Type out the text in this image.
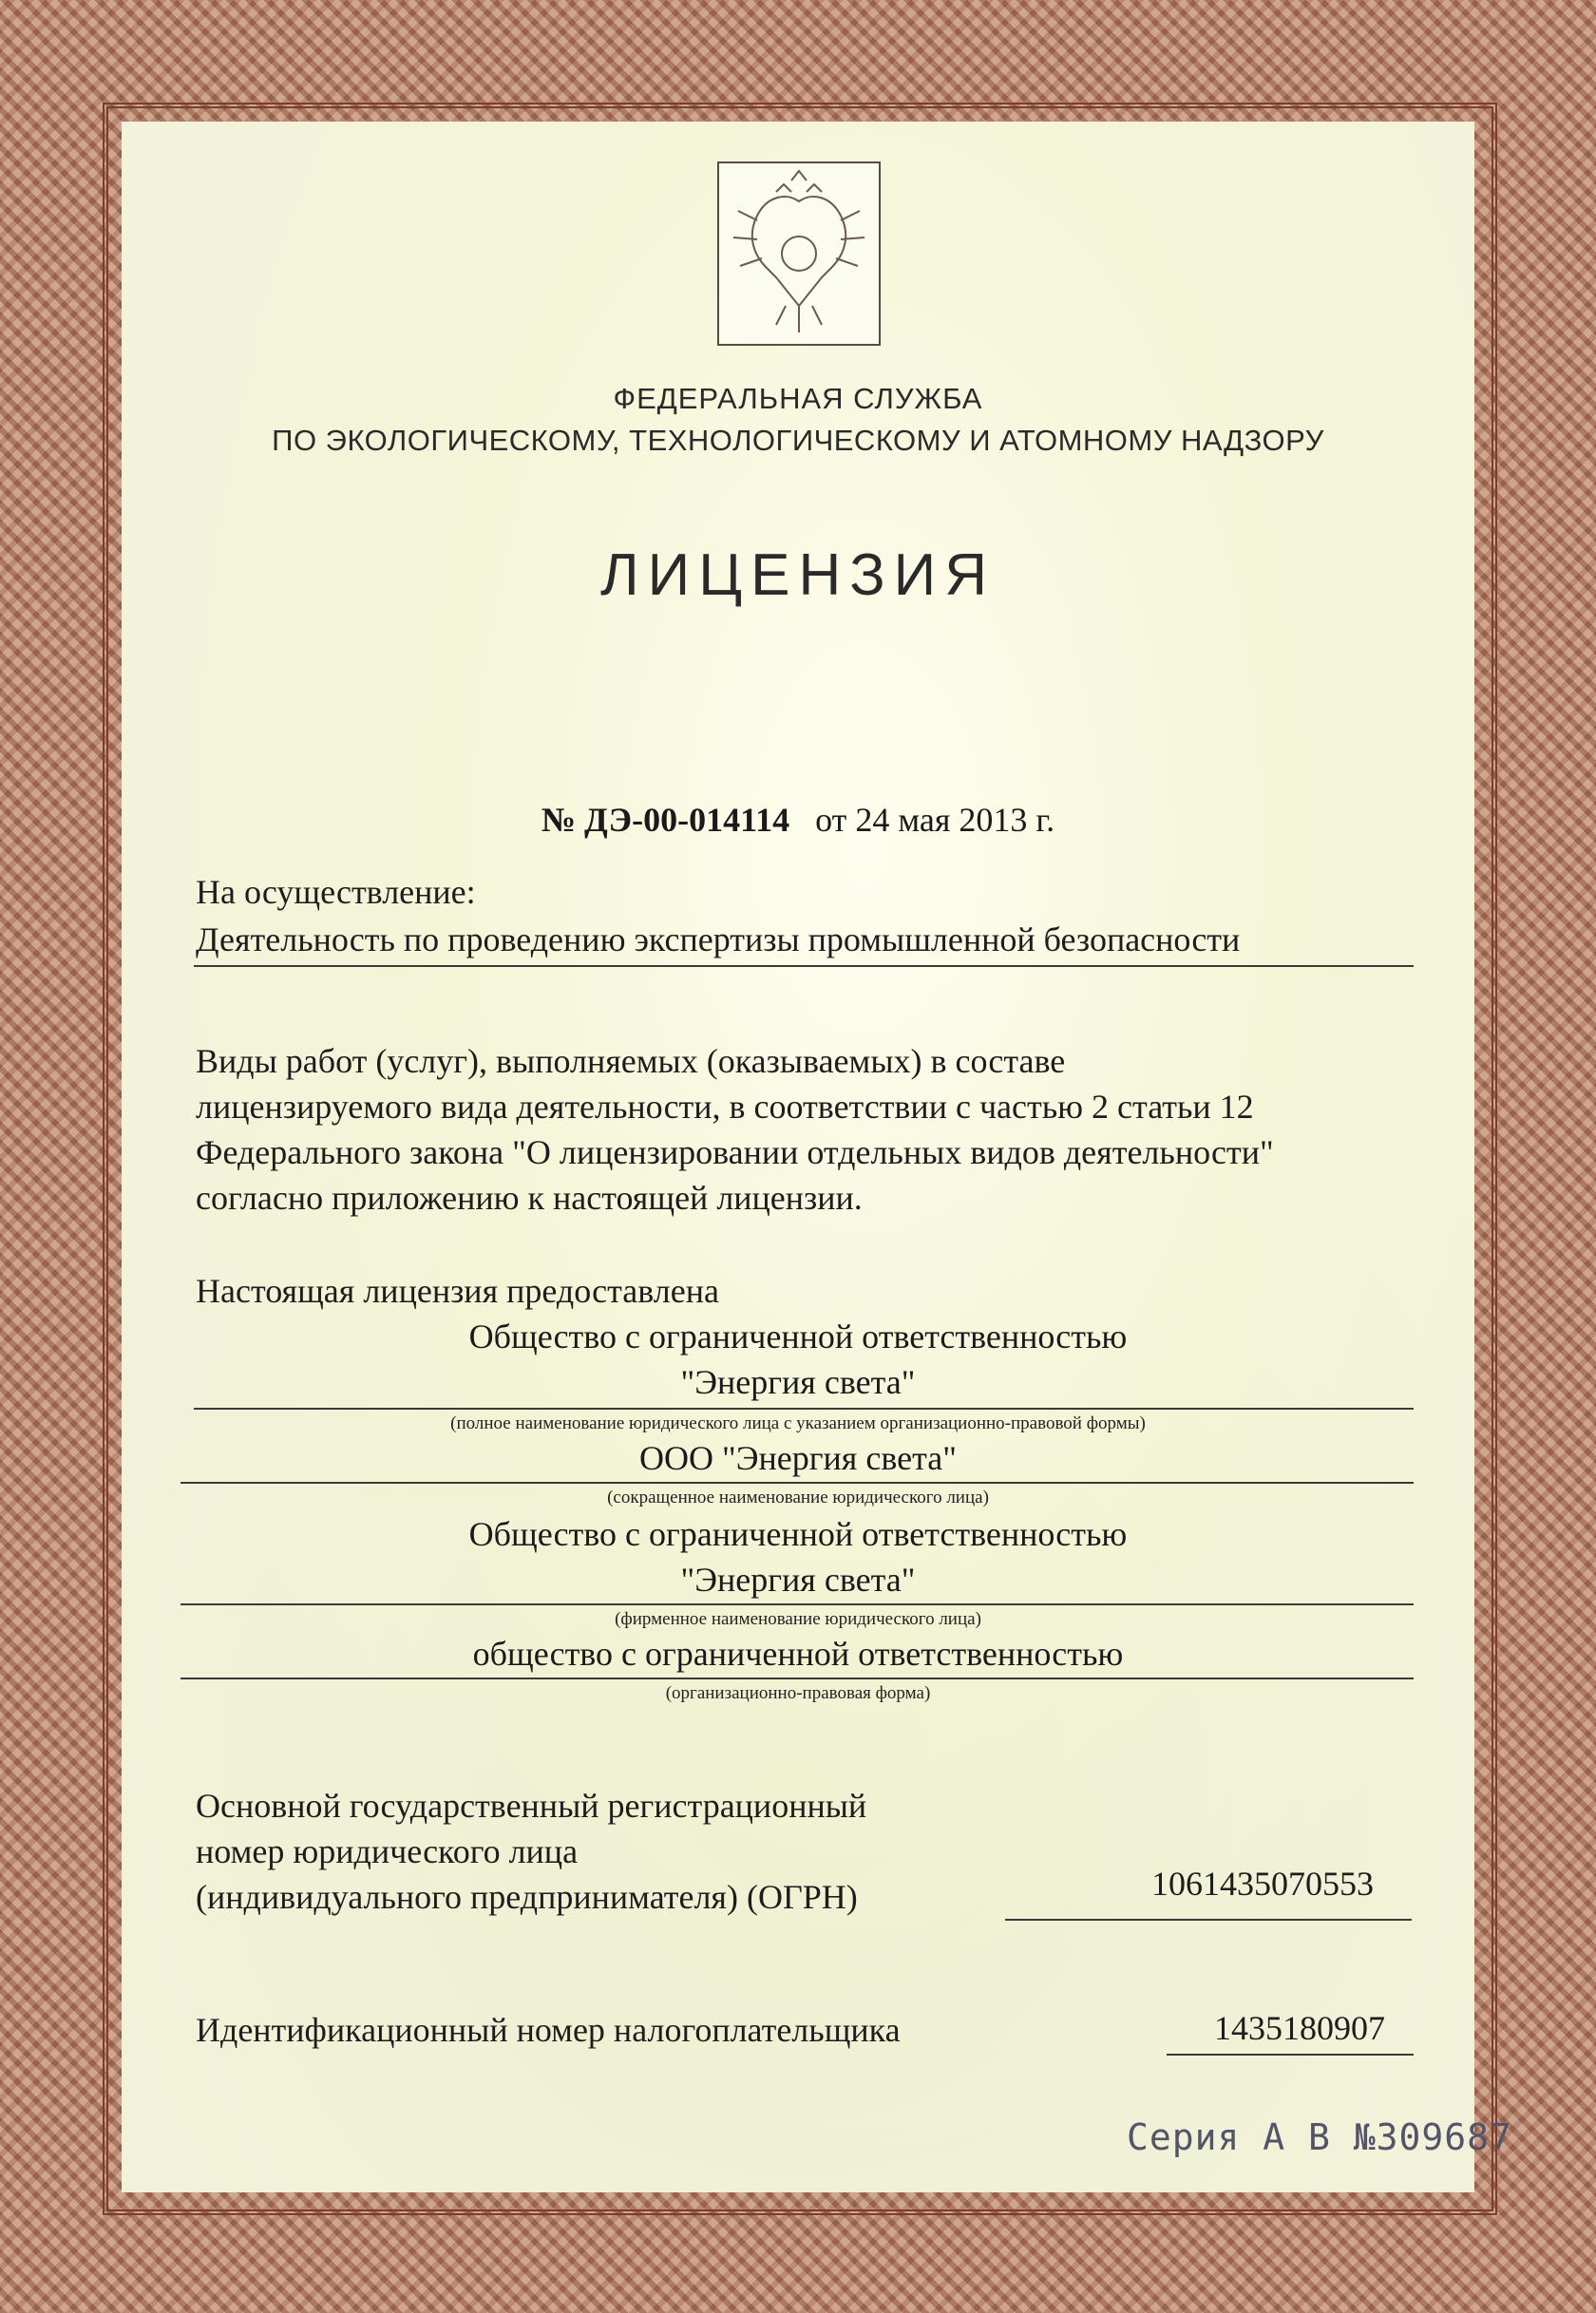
ФЕДЕРАЛЬНАЯ СЛУЖБА
ПО ЭКОЛОГИЧЕСКОМУ, ТЕХНОЛОГИЧЕСКОМУ И АТОМНОМУ НАДЗОРУ
ЛИЦЕНЗИЯ
№ ДЭ-00-014114 от 24 мая 2013 г.
На осуществление:
Деятельность по проведению экспертизы промышленной безопасности
Виды работ (услуг), выполняемых (оказываемых) в составе
лицензируемого вида деятельности, в соответствии с частью 2 статьи 12
Федерального закона "О лицензировании отдельных видов деятельности"
согласно приложению к настоящей лицензии.
Настоящая лицензия предоставлена
Общество с ограниченной ответственностью
"Энергия света"
(полное наименование юридического лица с указанием организационно-правовой формы)
ООО "Энергия света"
(сокращенное наименование юридического лица)
Общество с ограниченной ответственностью
"Энергия света"
(фирменное наименование юридического лица)
общество с ограниченной ответственностью
(организационно-правовая форма)
Основной государственный регистрационный
номер юридического лица
(индивидуального предпринимателя) (ОГРН)	1061435070553
Идентификационный номер налогоплательщика	1435180907
Серия А В №309687
